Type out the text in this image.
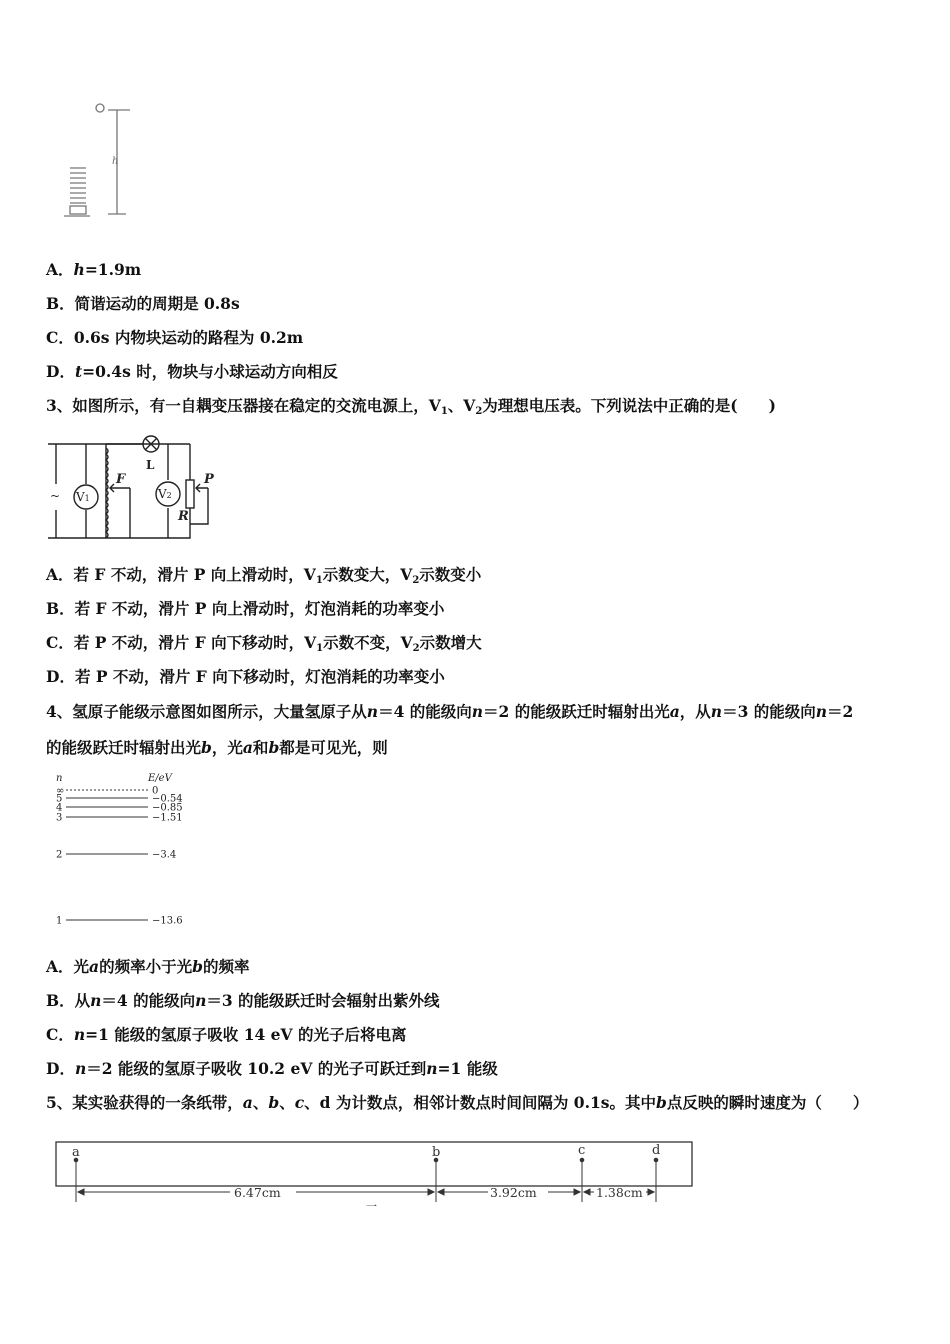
h
A．h=1.9m
B．简谐运动的周期是 0.8s
C．0.6s 内物块运动的路程为 0.2m
D．t=0.4s 时，物块与小球运动方向相反
3、如图所示，有一自耦变压器接在稳定的交流电源上，$V_1$、$V_2$为理想电压表。下列说法中正确的是(　　)
~ V1	V2
L
F	P
R
A．若 F 不动，滑片 P 向上滑动时，$V_1$示数变大，$V_2$示数变小
B．若 F 不动，滑片 P 向上滑动时，灯泡消耗的功率变小
C．若 P 不动，滑片 F 向下移动时，$V_1$示数不变，$V_2$示数增大
D．若 P 不动，滑片 F 向下移动时，灯泡消耗的功率变小
4、氢原子能级示意图如图所示，大量氢原子从n＝4 的能级向n＝2 的能级跃迁时辐射出光a，从n＝3 的能级向n＝2
的能级跃迁时辐射出光b，光a和b都是可见光，则
n	E/eV
∞	0
5	−0.54
4	−0.85
3	−1.51
2	−3.4
1	−13.6
A．光a的频率小于光b的频率
B．从n＝4 的能级向n＝3 的能级跃迁时会辐射出紫外线
C．n=1 能级的氢原子吸收 14 eV 的光子后将电离
D．n＝2 能级的氢原子吸收 10.2 eV 的光子可跃迁到n=1 能级
5、某实验获得的一条纸带，a、b、c、d 为计数点，相邻计数点时间间隔为 0.1s。其中b点反映的瞬时速度为（　　）
a	b	c	d
6.47cm	3.92cm	1.38cm
一
